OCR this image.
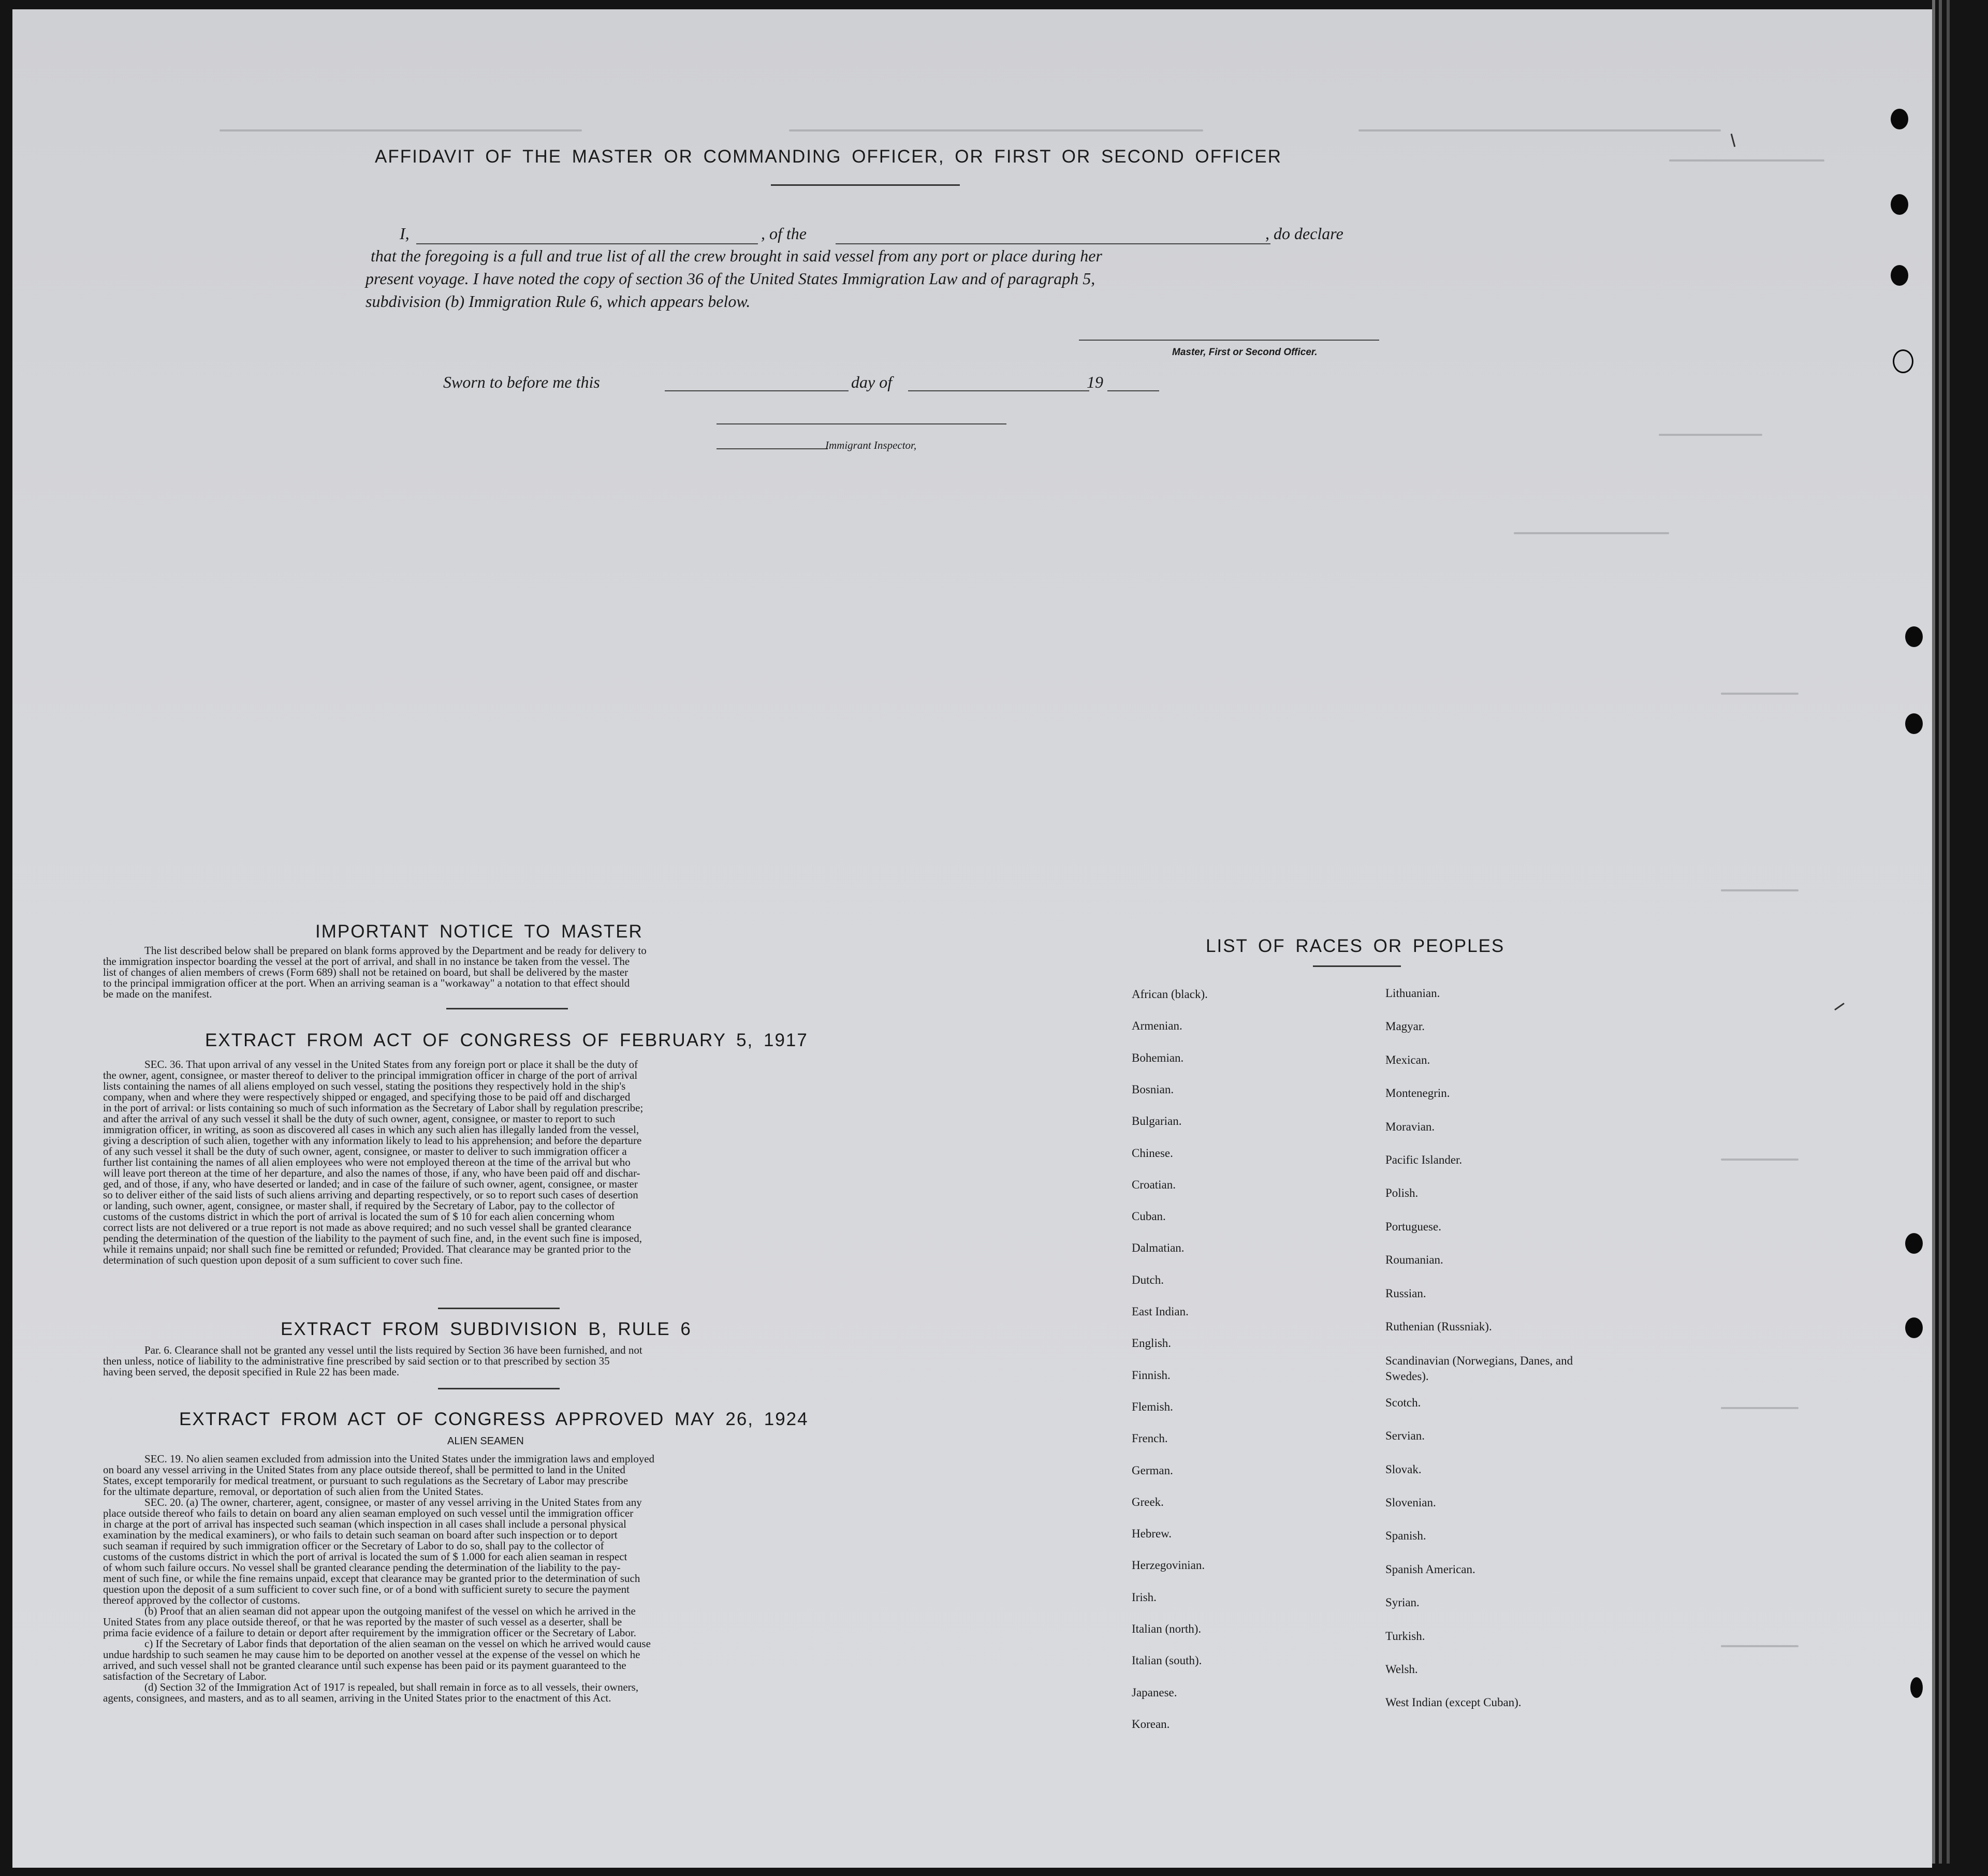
AFFIDAVIT OF THE MASTER OR COMMANDING OFFICER, OR FIRST OR SECOND OFFICER
I,	, of the	, do declare
that the foregoing is a full and true list of all the crew brought in said vessel from any port or place during her
present voyage. I have noted the copy of section 36 of the United States Immigration Law and of paragraph 5,
subdivision (b) Immigration Rule 6, which appears below.
Master, First or Second Officer.
Sworn to before me this	day of	19
Immigrant Inspector,
IMPORTANT NOTICE TO MASTER
The list described below shall be prepared on blank forms approved by the Department and be ready for delivery to
the immigration inspector boarding the vessel at the port of arrival, and shall in no instance be taken from the vessel. The
list of changes of alien members of crews (Form 689) shall not be retained on board, but shall be delivered by the master
to the principal immigration officer at the port. When an arriving seaman is a "workaway" a notation to that effect should
be made on the manifest.
EXTRACT FROM ACT OF CONGRESS OF FEBRUARY 5, 1917
SEC. 36. That upon arrival of any vessel in the United States from any foreign port or place it shall be the duty of
the owner, agent, consignee, or master thereof to deliver to the principal immigration officer in charge of the port of arrival
lists containing the names of all aliens employed on such vessel, stating the positions they respectively hold in the ship's
company, when and where they were respectively shipped or engaged, and specifying those to be paid off and discharged
in the port of arrival: or lists containing so much of such information as the Secretary of Labor shall by regulation prescribe;
and after the arrival of any such vessel it shall be the duty of such owner, agent, consignee, or master to report to such
immigration officer, in writing, as soon as discovered all cases in which any such alien has illegally landed from the vessel,
giving a description of such alien, together with any information likely to lead to his apprehension; and before the departure
of any such vessel it shall be the duty of such owner, agent, consignee, or master to deliver to such immigration officer a
further list containing the names of all alien employees who were not employed thereon at the time of the arrival but who
will leave port thereon at the time of her departure, and also the names of those, if any, who have been paid off and dischar-
ged, and of those, if any, who have deserted or landed; and in case of the failure of such owner, agent, consignee, or master
so to deliver either of the said lists of such aliens arriving and departing respectively, or so to report such cases of desertion
or landing, such owner, agent, consignee, or master shall, if required by the Secretary of Labor, pay to the collector of
customs of the customs district in which the port of arrival is located the sum of $ 10 for each alien concerning whom
correct lists are not delivered or a true report is not made as above required; and no such vessel shall be granted clearance
pending the determination of the question of the liability to the payment of such fine, and, in the event such fine is imposed,
while it remains unpaid; nor shall such fine be remitted or refunded; Provided. That clearance may be granted prior to the
determination of such question upon deposit of a sum sufficient to cover such fine.
EXTRACT FROM SUBDIVISION B, RULE 6
Par. 6. Clearance shall not be granted any vessel until the lists required by Section 36 have been furnished, and not
then unless, notice of liability to the administrative fine prescribed by said section or to that prescribed by section 35
having been served, the deposit specified in Rule 22 has been made.
EXTRACT FROM ACT OF CONGRESS APPROVED MAY 26, 1924
ALIEN SEAMEN
SEC. 19. No alien seamen excluded from admission into the United States under the immigration laws and employed
on board any vessel arriving in the United States from any place outside thereof, shall be permitted to land in the United
States, except temporarily for medical treatment, or pursuant to such regulations as the Secretary of Labor may prescribe
for the ultimate departure, removal, or deportation of such alien from the United States.
SEC. 20. (a) The owner, charterer, agent, consignee, or master of any vessel arriving in the United States from any
place outside thereof who fails to detain on board any alien seaman employed on such vessel until the immigration officer
in charge at the port of arrival has inspected such seaman (which inspection in all cases shall include a personal physical
examination by the medical examiners), or who fails to detain such seaman on board after such inspection or to deport
such seaman if required by such immigration officer or the Secretary of Labor to do so, shall pay to the collector of
customs of the customs district in which the port of arrival is located the sum of $ 1.000 for each alien seaman in respect
of whom such failure occurs. No vessel shall be granted clearance pending the determination of the liability to the pay-
ment of such fine, or while the fine remains unpaid, except that clearance may be granted prior to the determination of such
question upon the deposit of a sum sufficient to cover such fine, or of a bond with sufficient surety to secure the payment
thereof approved by the collector of customs.
(b) Proof that an alien seaman did not appear upon the outgoing manifest of the vessel on which he arrived in the
United States from any place outside thereof, or that he was reported by the master of such vessel as a deserter, shall be
prima facie evidence of a failure to detain or deport after requirement by the immigration officer or the Secretary of Labor.
c) If the Secretary of Labor finds that deportation of the alien seaman on the vessel on which he arrived would cause
undue hardship to such seamen he may cause him to be deported on another vessel at the expense of the vessel on which he
arrived, and such vessel shall not be granted clearance until such expense has been paid or its payment guaranteed to the
satisfaction of the Secretary of Labor.
(d) Section 32 of the Immigration Act of 1917 is repealed, but shall remain in force as to all vessels, their owners,
agents, consignees, and masters, and as to all seamen, arriving in the United States prior to the enactment of this Act.
LIST OF RACES OR PEOPLES
African (black).
Armenian.
Bohemian.
Bosnian.
Bulgarian.
Chinese.
Croatian.
Cuban.
Dalmatian.
Dutch.
East Indian.
English.
Finnish.
Flemish.
French.
German.
Greek.
Hebrew.
Herzegovinian.
Irish.
Italian (north).
Italian (south).
Japanese.
Korean.
Lithuanian.
Magyar.
Mexican.
Montenegrin.
Moravian.
Pacific Islander.
Polish.
Portuguese.
Roumanian.
Russian.
Ruthenian (Russniak).
Scandinavian (Norwegians, Danes, and Swedes).
Scotch.
Servian.
Slovak.
Slovenian.
Spanish.
Spanish American.
Syrian.
Turkish.
Welsh.
West Indian (except Cuban).
